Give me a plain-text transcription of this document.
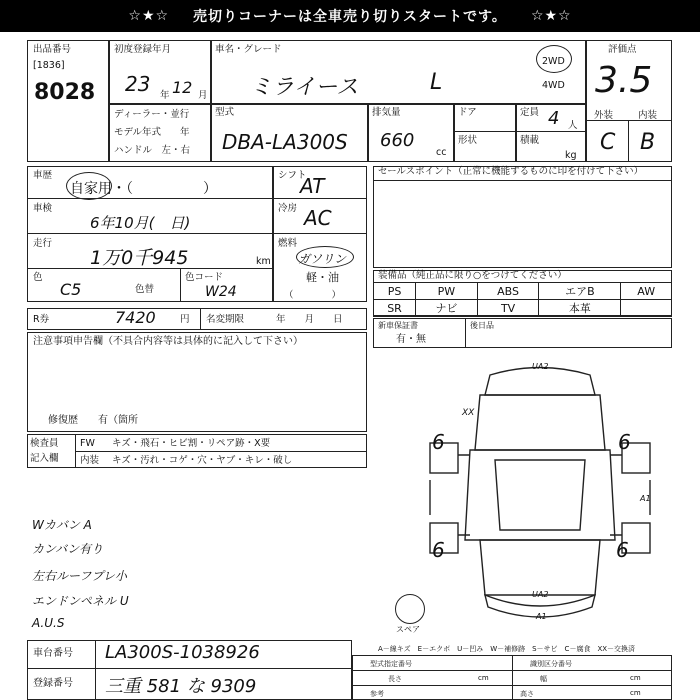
☆★☆ 売切りコーナーは全車売り切りスタートです。 ☆★☆
出品番号
[1836]
8028
初度登録年月
23 年 12 月
車名・グレード
ミライース	L
2WD
4WD
評価点
3.5
外装	内装
C B
ディーラー・並行
モデル年式　　年
ハンドル　左・右
型式
DBA-LA300S
排気量
660
cc
ドア
形状
定員 4 人
積載
kg
車歴
自家用・（　　　　　）
シフト
AT
車検
6年10月(　日)
冷房 AC
走行
1万0千945	km
燃料
ガソリン
軽・油
（　　　　）
色
C5	色替
色コード
W24
セールスポイント（正常に機能するものに印を付けて下さい）
装備品（純正品に限り○をつけてください）
PS	PW	ABS	エアB	AW
SR	ナビ	TV	本革	
R券	7420	円 名変期限	年　　月　　日
新車保証書
有・無
後日品
注意事項申告欄（不具合内容等は具体的に記入して下さい）
修復歴　　有（箇所
検査員
記入欄
FW キズ・飛石・ヒビ割・リペア跡・X要
内装 キズ・汚れ・コゲ・穴・ヤブ・キレ・破し
Wカバン A
カンバン有り
左右ルーフプレ小
エンドンペネル U
A.U.S
6	6
6	6
XX
UA2
A1
UA2
A1
スペア
車台番号 LA300S-1038926
登録番号 三重 581 な 9309
A－線キズ　E－エクボ　U－凹み　W－補修跡　S－サビ　C－腐食　XX－交換済
型式指定番号	識別区分番号
長さ	cm	幅	cm
参考	高さ	cm
